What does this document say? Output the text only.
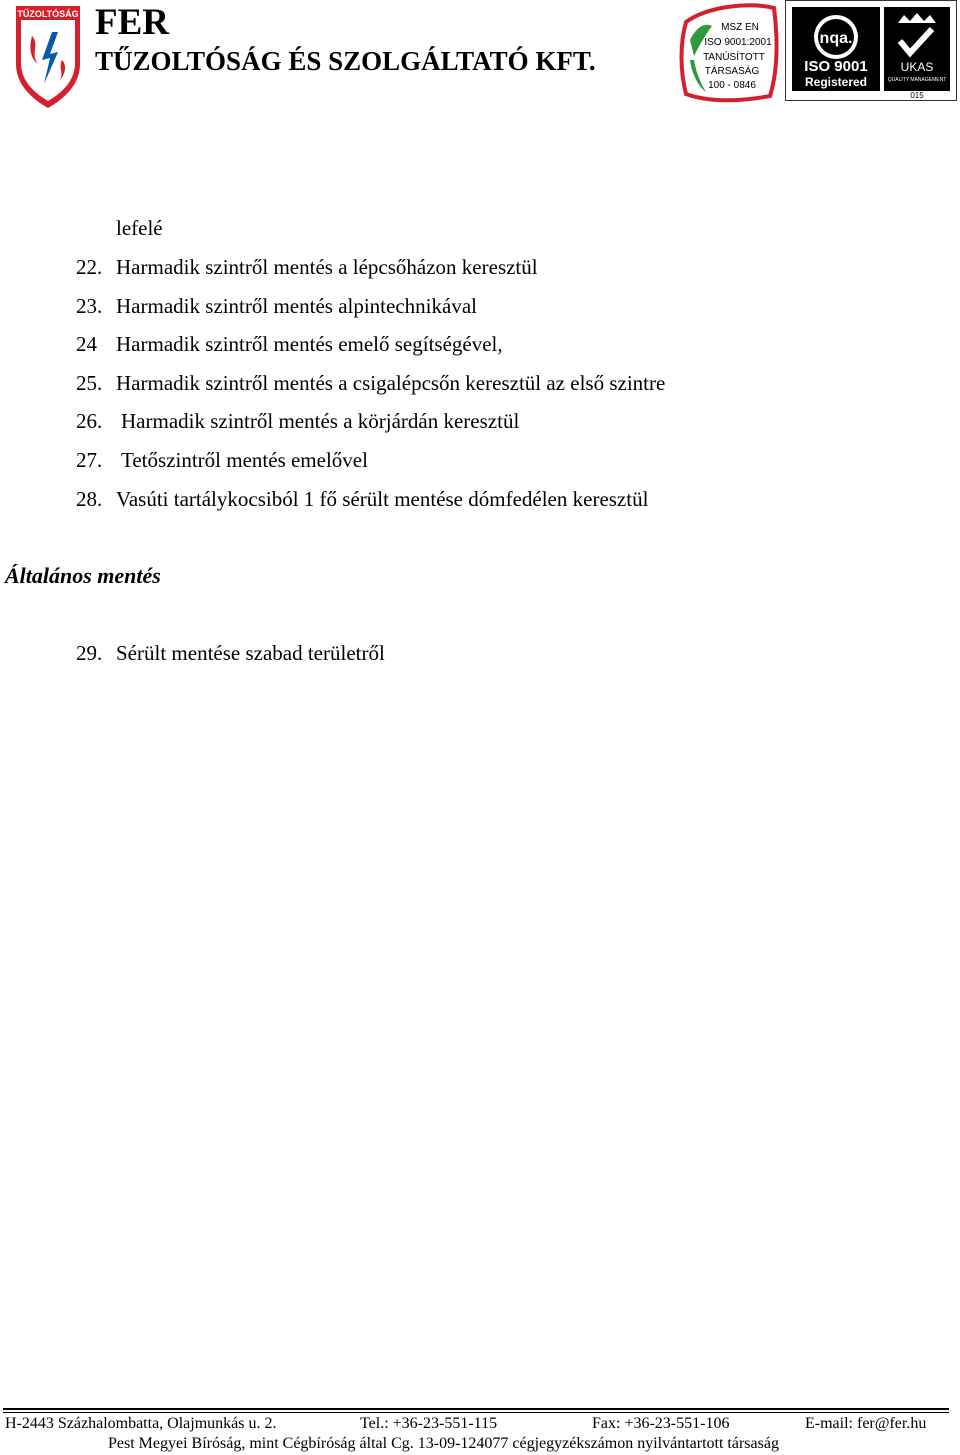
TŰZOLTÓSÁG FER
TŰZOLTÓSÁG ÉS SZOLGÁLTATÓ KFT.
MSZ EN
ISO 9001:2001
TANÚSÍTOTT
TÁRSASÁG
100 - 0846
nqa.
ISO 9001
Registered
UKAS
QUALITY MANAGEMENT
015
lefelé
22. Harmadik szintről mentés a lépcsőházon keresztül
23. Harmadik szintről mentés alpintechnikával
24 Harmadik szintről mentés emelő segítségével,
25. Harmadik szintről mentés a csigalépcsőn keresztül az első szintre
26. Harmadik szintről mentés a körjárdán keresztül
27. Tetőszintről mentés emelővel
28. Vasúti tartálykocsiból 1 fő sérült mentése dómfedélen keresztül
Általános mentés
29. Sérült mentése szabad területről
H-2443 Százhalombatta, Olajmunkás u. 2.	Tel.: +36-23-551-115	Fax: +36-23-551-106	E-mail: fer@fer.hu
Pest Megyei Bíróság, mint Cégbíróság által Cg. 13-09-124077 cégjegyzékszámon nyilvántartott társaság
